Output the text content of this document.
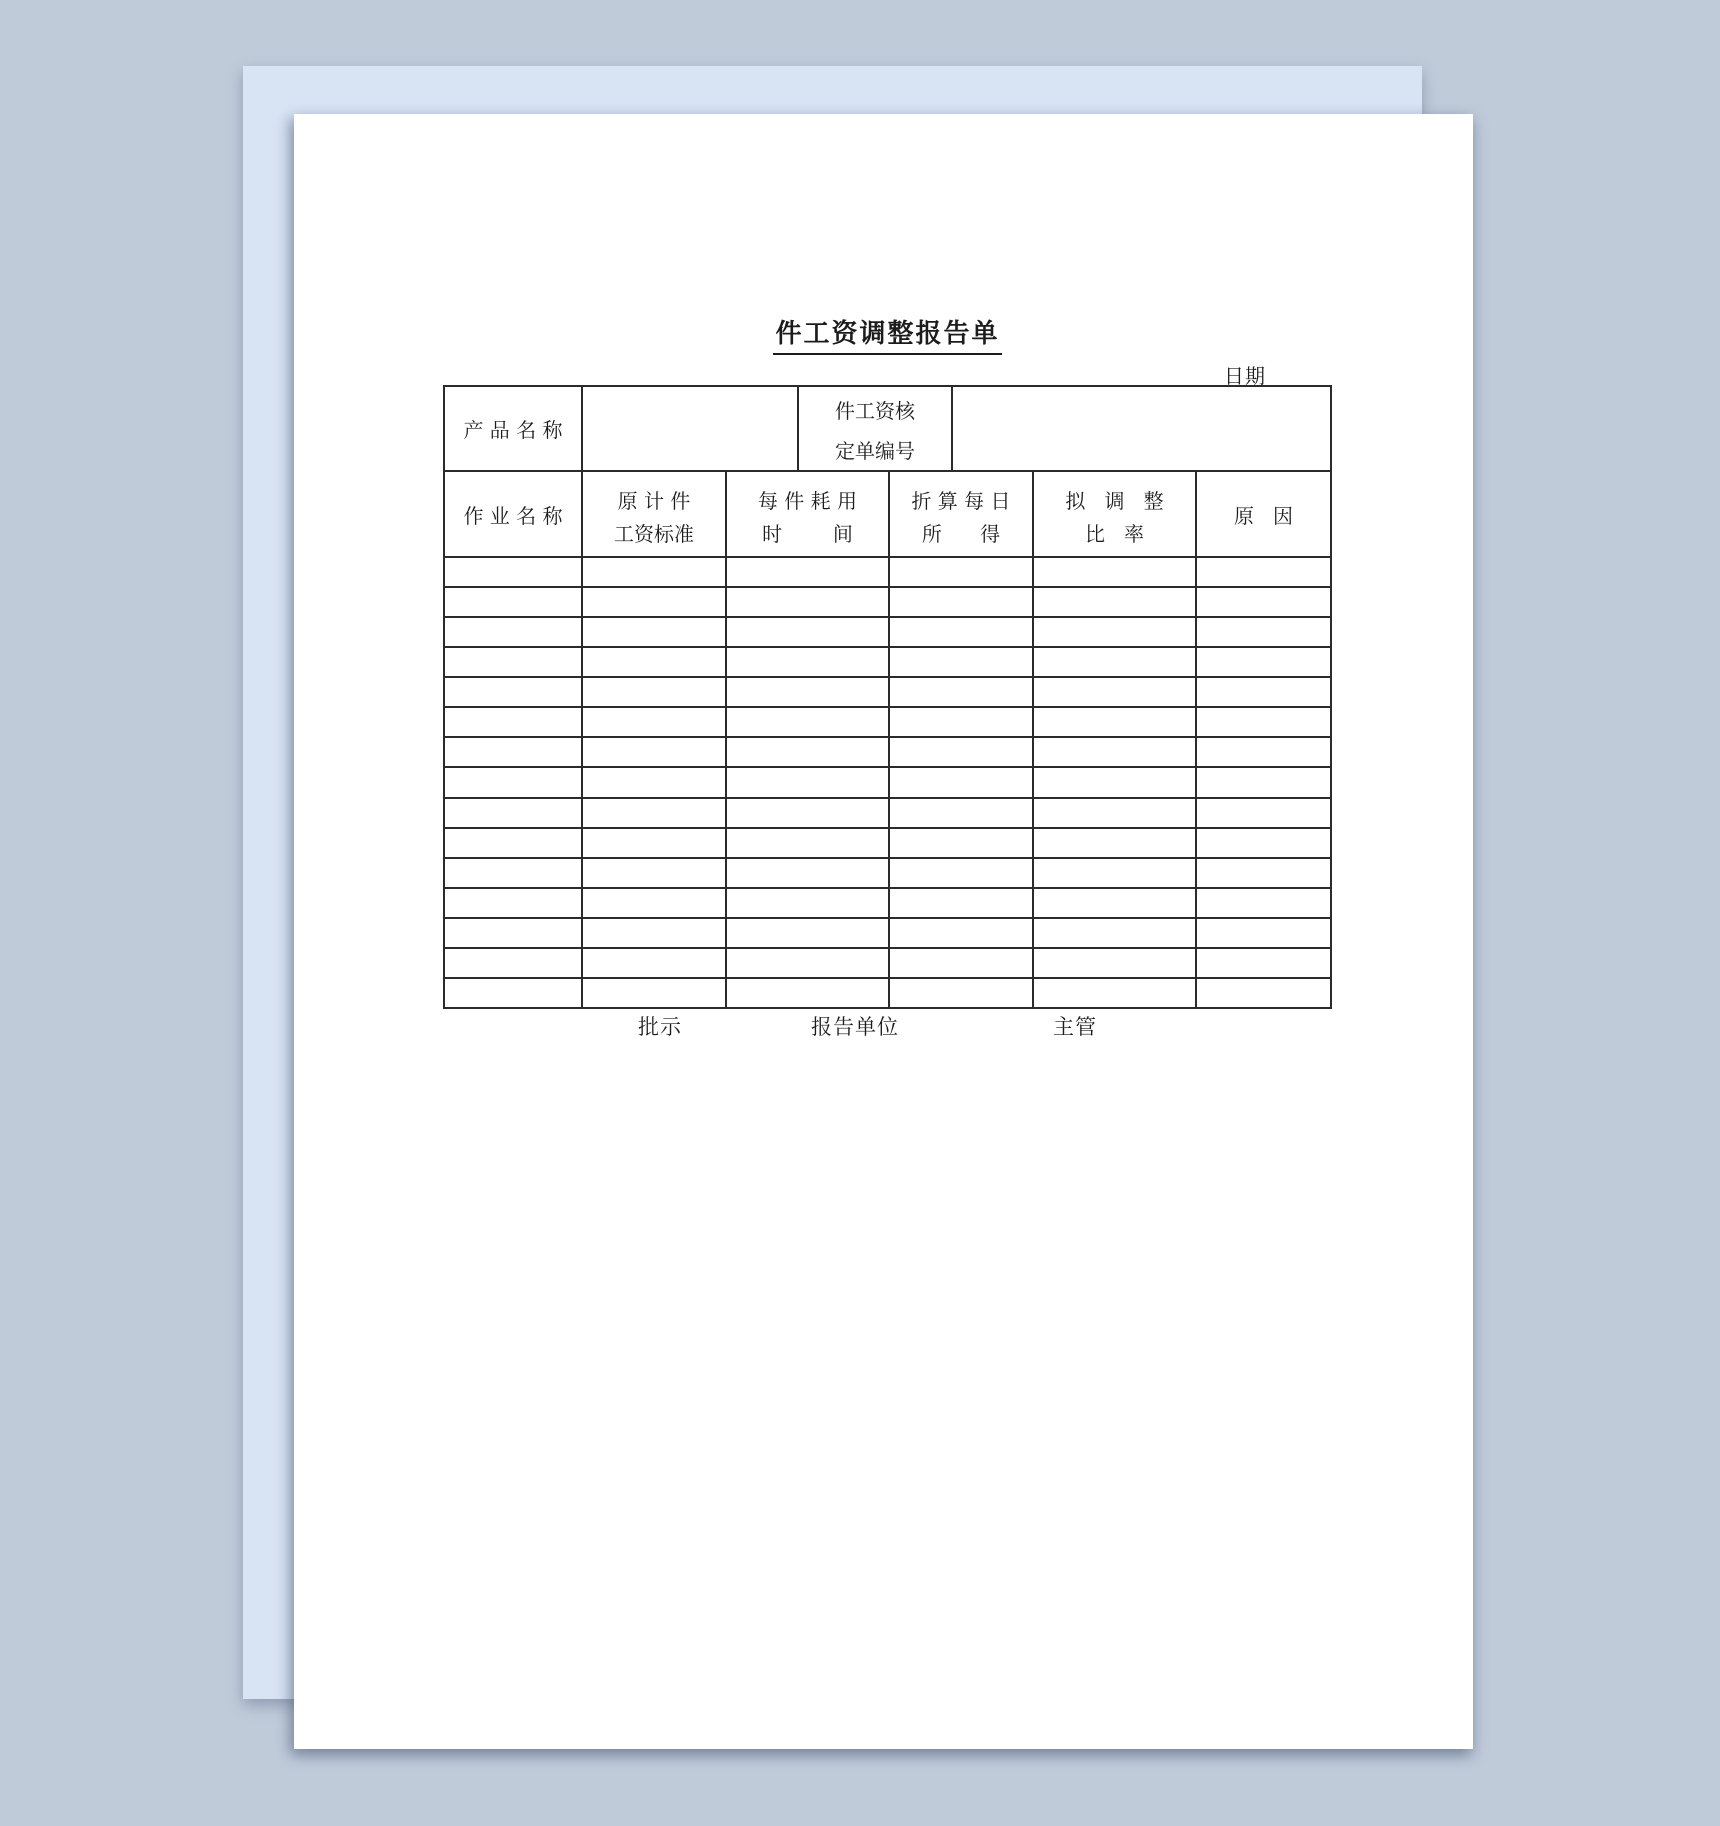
件工资调整报告单
日期
产 品 名 称
件工资核
定单编号
作 业 名 称
原 计 件
工资标准
每 件 耗 用
时        间
折 算 每 日
所      得
拟   调   整
比   率
原   因
批示	报告单位	主管
